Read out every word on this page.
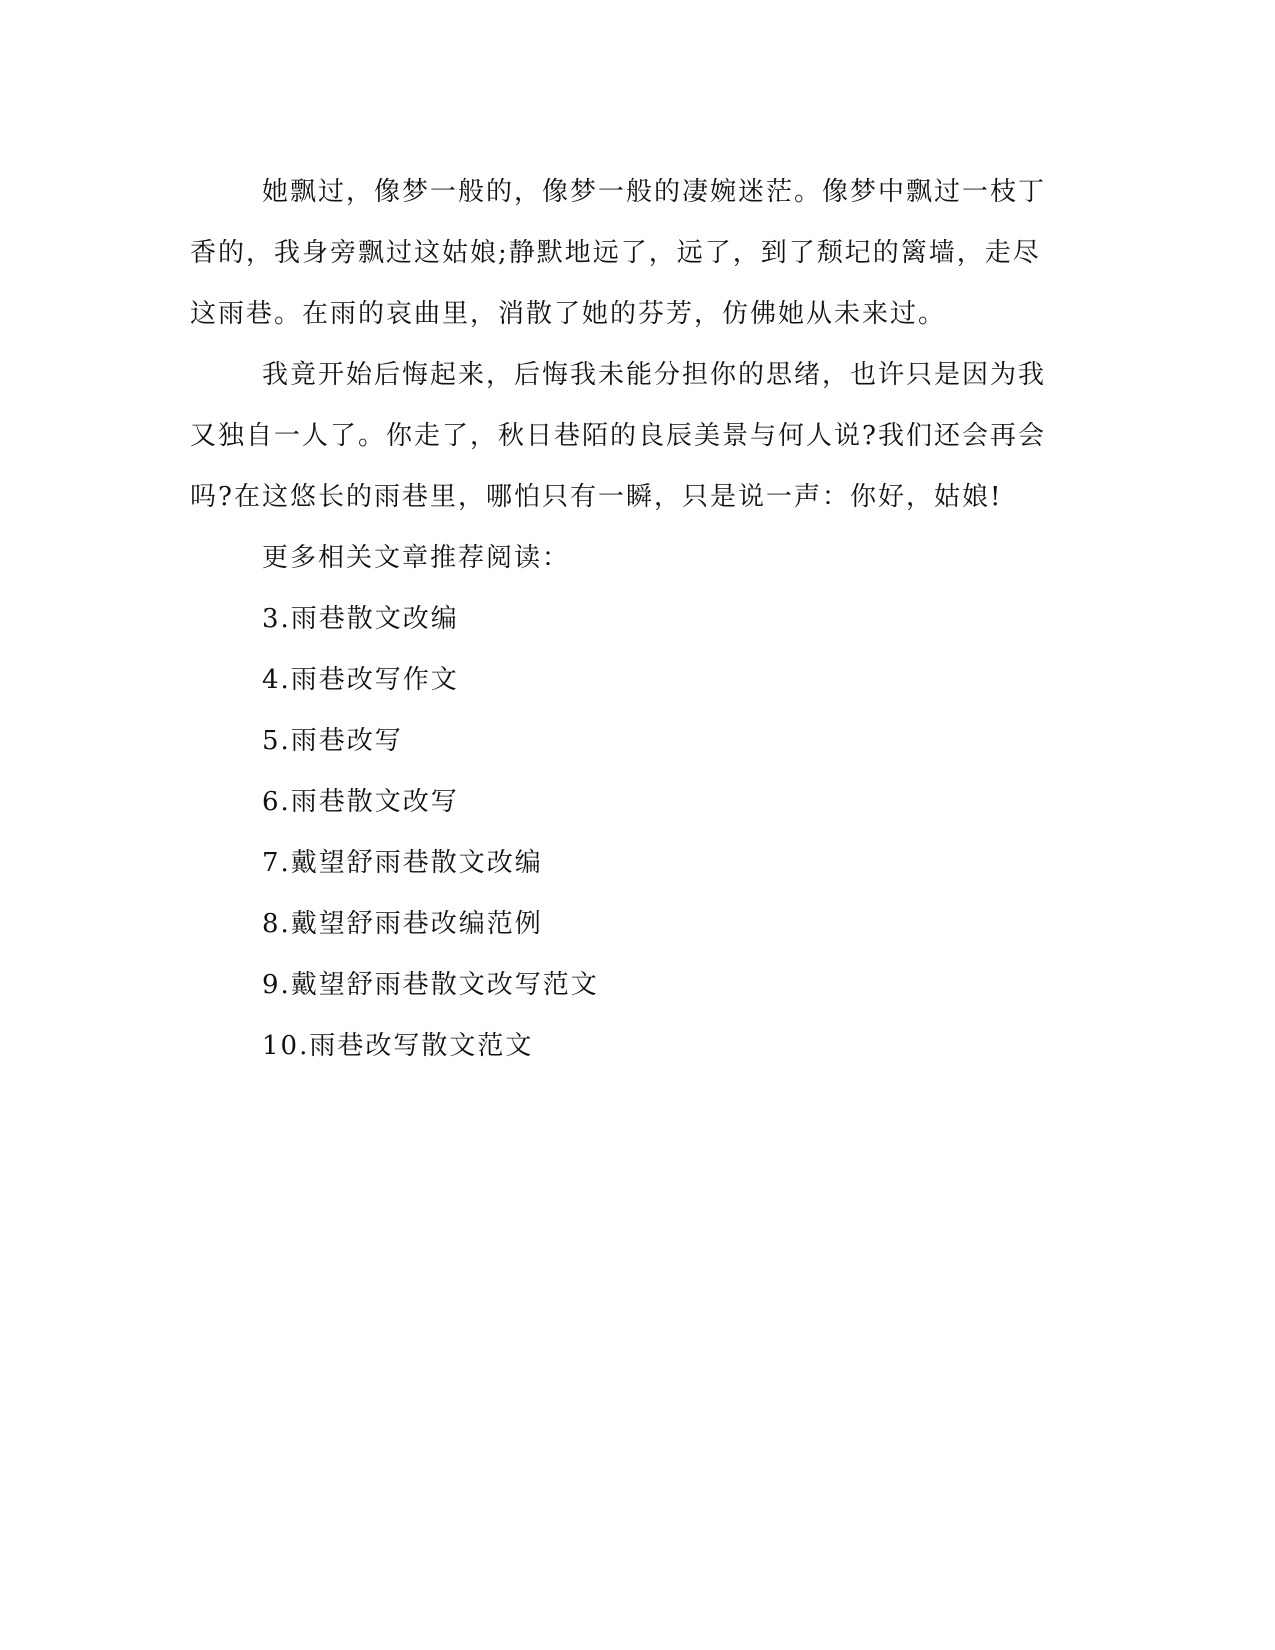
她飘过，像梦一般的，像梦一般的凄婉迷茫。像梦中飘过一枝丁
香的，我身旁飘过这姑娘;静默地远了，远了，到了颓圮的篱墙，走尽
这雨巷。在雨的哀曲里，消散了她的芬芳，仿佛她从未来过。
我竟开始后悔起来，后悔我未能分担你的思绪，也许只是因为我
又独自一人了。你走了，秋日巷陌的良辰美景与何人说?我们还会再会
吗?在这悠长的雨巷里，哪怕只有一瞬，只是说一声：你好，姑娘!

更多相关文章推荐阅读：

3.雨巷散文改编
4.雨巷改写作文
5.雨巷改写
6.雨巷散文改写
7.戴望舒雨巷散文改编
8.戴望舒雨巷改编范例
9.戴望舒雨巷散文改写范文
10.雨巷改写散文范文
